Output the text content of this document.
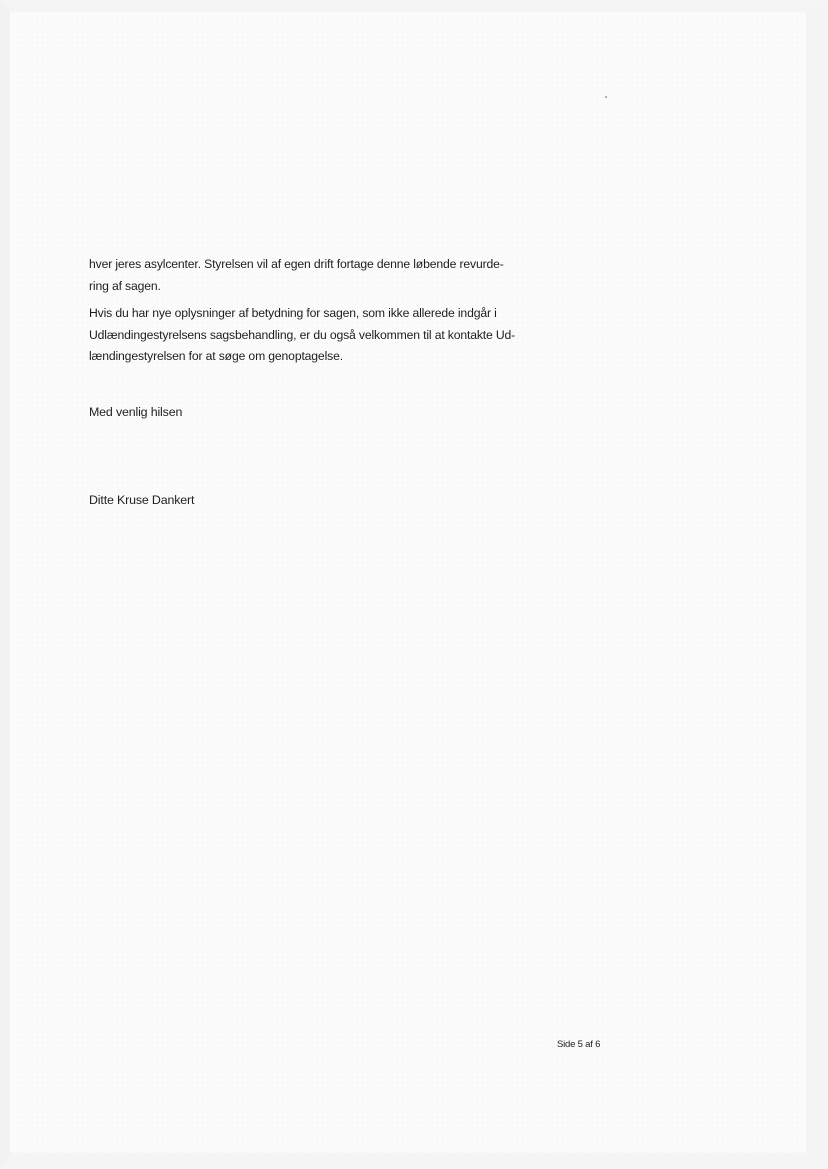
hver jeres asylcenter. Styrelsen vil af egen drift fortage denne løbende revurde-
ring af sagen.

Hvis du har nye oplysninger af betydning for sagen, som ikke allerede indgår i
Udlændingestyrelsens sagsbehandling, er du også velkommen til at kontakte Ud-
lændingestyrelsen for at søge om genoptagelse.

Med venlig hilsen
Ditte Kruse Dankert
Side 5 af 6
